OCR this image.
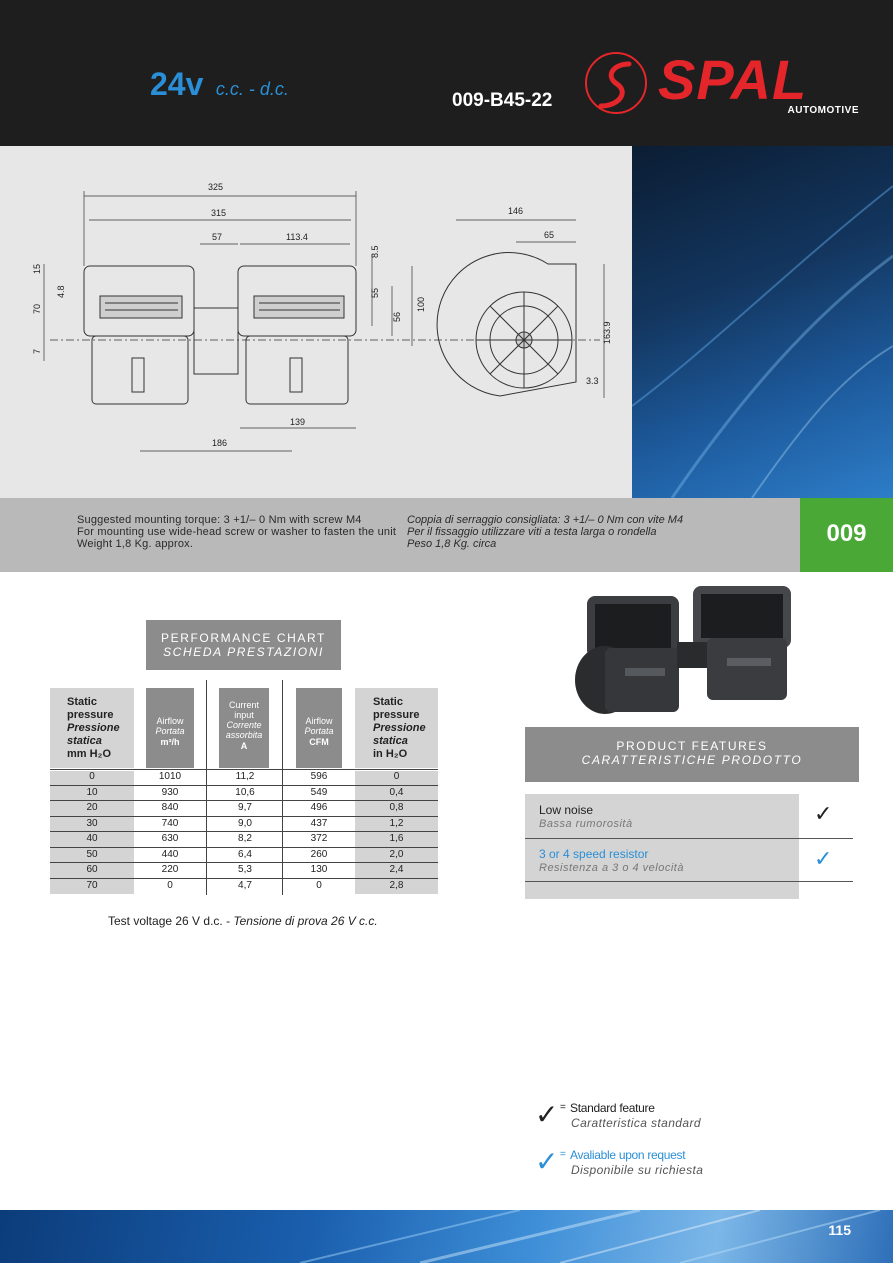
24v c.c. - d.c.
009-B45-22 SPAL
AUTOMOTIVE
325
315
57	113.4
139
186
146
65
3.3
15
4.8
70
7
8.5
55
56
100
163.9
Suggested mounting torque: 3 +1/– 0 Nm with screw M4
For mounting use wide-head screw or washer to fasten the unit
Weight 1,8 Kg. approx.
Coppia di serraggio consigliata: 3 +1/– 0 Nm con vite M4
Per il fissaggio utilizzare viti a testa larga o rondella
Peso 1,8 Kg. circa	009
PERFORMANCE CHART
SCHEDA PRESTAZIONI
Static
pressure
Pressione
statica
mm H₂O
Airflow
Portata
m³/h
Current
input
Corrente
assorbita
A
Airflow
Portata
CFM
Static
pressure
Pressione
statica
in H₂O
0	1010	11,2	596	0
10	930	10,6	549	0,4
20	840	9,7	496	0,8
30	740	9,0	437	1,2
40	630	8,2	372	1,6
50	440	6,4	260	2,0
60	220	5,3	130	2,4
70	0	4,7	0	2,8
Test voltage 26 V d.c. - Tensione di prova 26 V c.c.
PRODUCT FEATURES
CARATTERISTICHE PRODOTTO
Low noise
Bassa rumorosità	✓
3 or 4 speed resistor
Resistenza a 3 o 4 velocità	✓
✓ = Standard feature
Caratteristica standard
✓ = Avaliable upon request
Disponibile su richiesta
115
